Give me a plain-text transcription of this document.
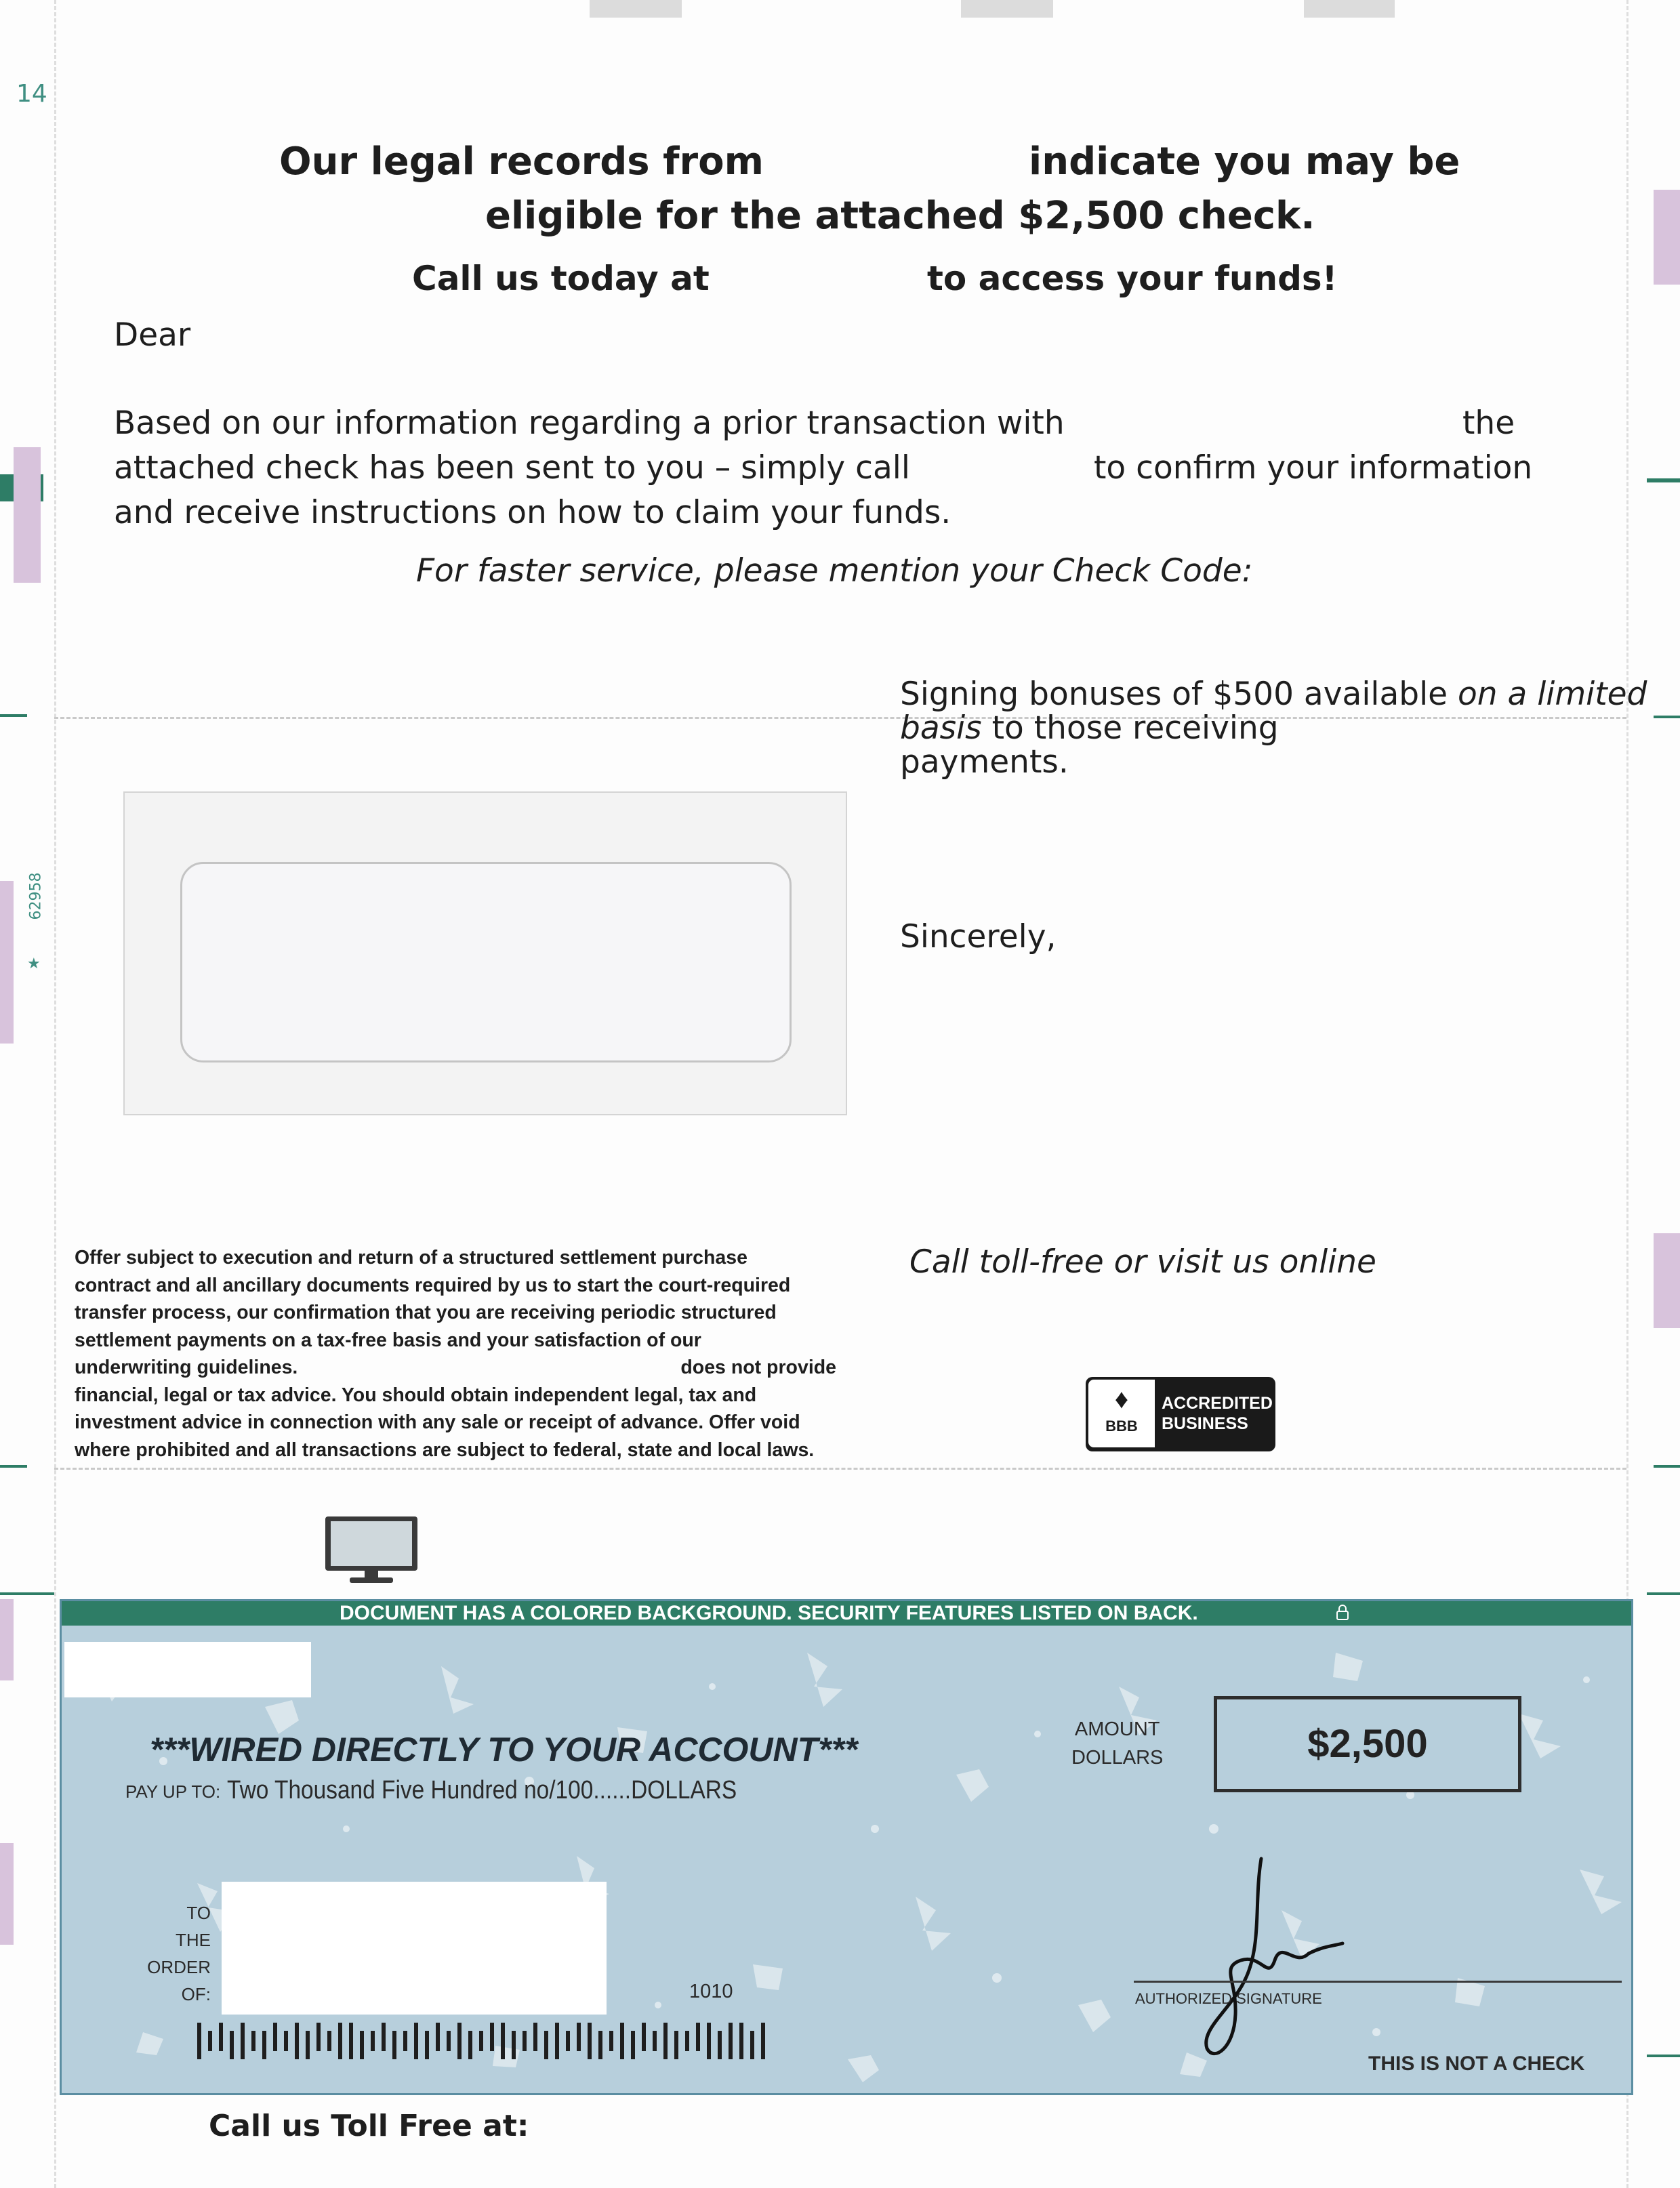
14
62958
★
Our legal records from	indicate you may be
eligible for the attached $2,500 check.
Call us today at	to access your funds!
Dear
Based on our information regarding a prior transaction with	the
attached check has been sent to you – simply call	to confirm your information
and receive instructions on how to claim your funds.
For faster service, please mention your Check Code:
Signing bonuses of $500 available on a limited
basis to those receiving
payments.
Sincerely,
Offer subject to execution and return of a structured settlement purchase
contract and all ancillary documents required by us to start the court-required
transfer process, our confirmation that you are receiving periodic structured
settlement payments on a tax-free basis and your satisfaction of our
underwriting guidelines.	does not provide
financial, legal or tax advice. You should obtain independent legal, tax and
investment advice in connection with any sale or receipt of advance. Offer void
where prohibited and all transactions are subject to federal, state and local laws.
Call toll-free or visit us online
♦
BBB
ACCREDITED
BUSINESS
DOCUMENT HAS A COLORED BACKGROUND. SECURITY FEATURES LISTED ON BACK.
***WIRED DIRECTLY TO YOUR ACCOUNT***
PAY UP TO: Two Thousand Five Hundred no/100......DOLLARS
AMOUNT
DOLLARS	$2,500
TO
THE
ORDER
OF:	1010	AUTHORIZED SIGNATURE
THIS IS NOT A CHECK
Call us Toll Free at:
